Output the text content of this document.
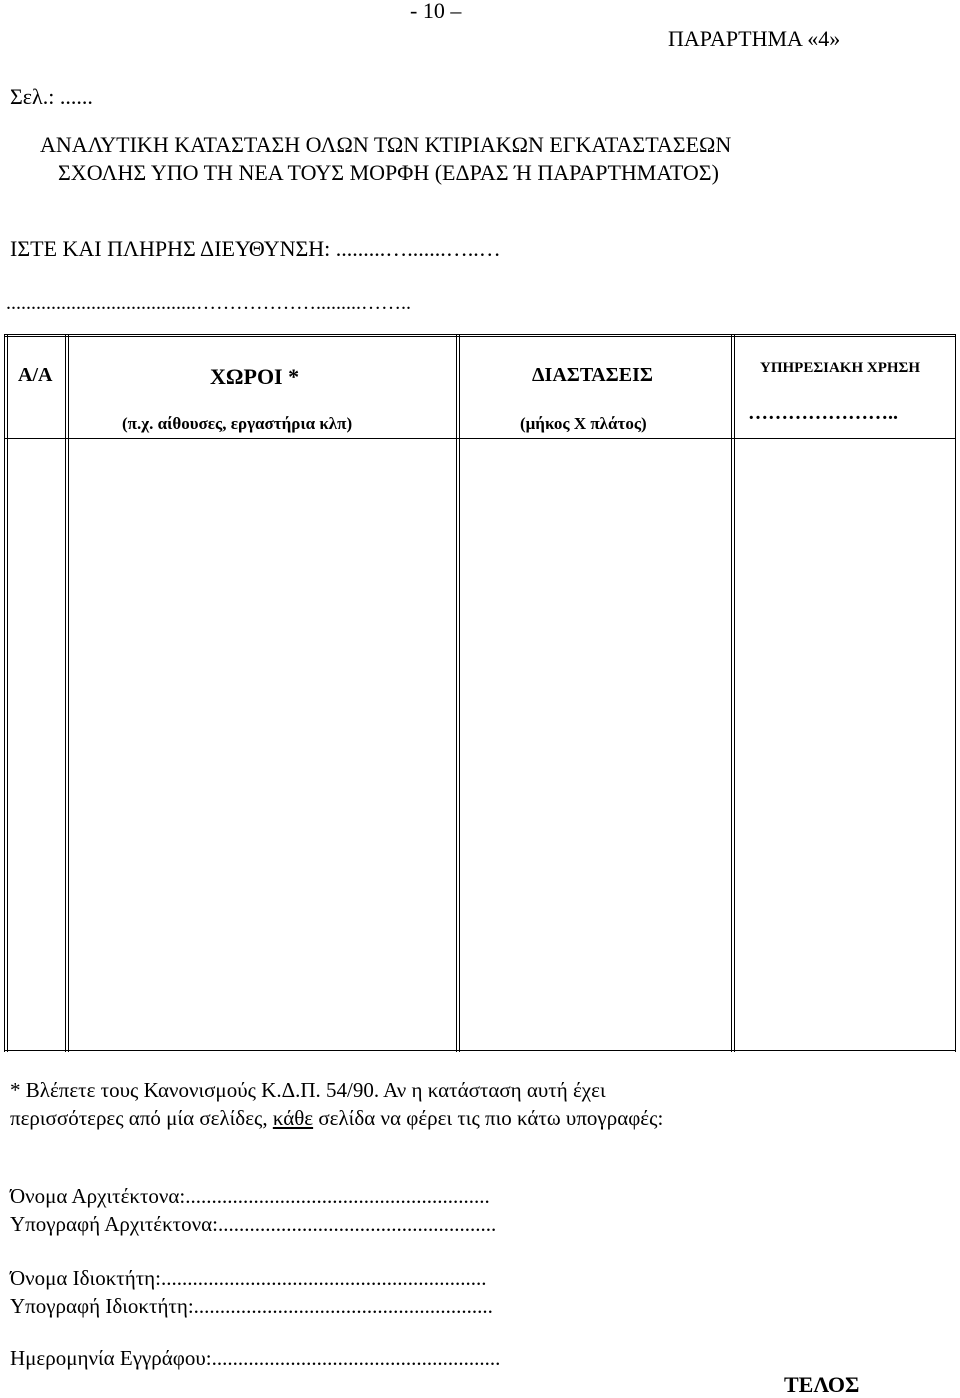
- 10 –
ΠΑΡΑΡΤΗΜΑ «4»
Σελ.: ......
ΑΝΑΛΥΤΙΚΗ ΚΑΤΑΣΤΑΣΗ ΟΛΩΝ ΤΩΝ ΚΤΙΡΙΑΚΩΝ ΕΓΚΑΤΑΣΤΑΣΕΩΝ
ΣΧΟΛΗΣ ΥΠΟ ΤΗ ΝΕΑ ΤΟΥΣ ΜΟΡΦΗ (ΕΔΡΑΣ Ή ΠΑΡΑΡΤΗΜΑΤΟΣ)
ΙΣΤΕ ΚΑΙ ΠΛΗΡΗΣ ΔΙΕΥΘΥΝΣΗ: .........….......…..…
......................................……………….........……..
Α/Α	ΧΩΡΟΙ *
(π.χ. αίθουσες, εργαστήρια κλπ)
ΔΙΑΣΤΑΣΕΙΣ
(μήκος Χ πλάτος)
ΥΠΗΡΕΣΙΑΚΗ ΧΡΗΣΗ
…………………..
* Βλέπετε τους Κανονισμούς Κ.Δ.Π. 54/90. Αν η κατάσταση αυτή έχει
περισσότερες από μία σελίδες, κάθε σελίδα να φέρει τις πιο κάτω υπογραφές:
Όνομα Αρχιτέκτονα:..........................................................
Υπογραφή Αρχιτέκτονα:.....................................................
Όνομα Ιδιοκτήτη:..............................................................
Υπογραφή Ιδιοκτήτη:.........................................................
Ημερομηνία Εγγράφου:.......................................................
ΤΕΛΟΣ
